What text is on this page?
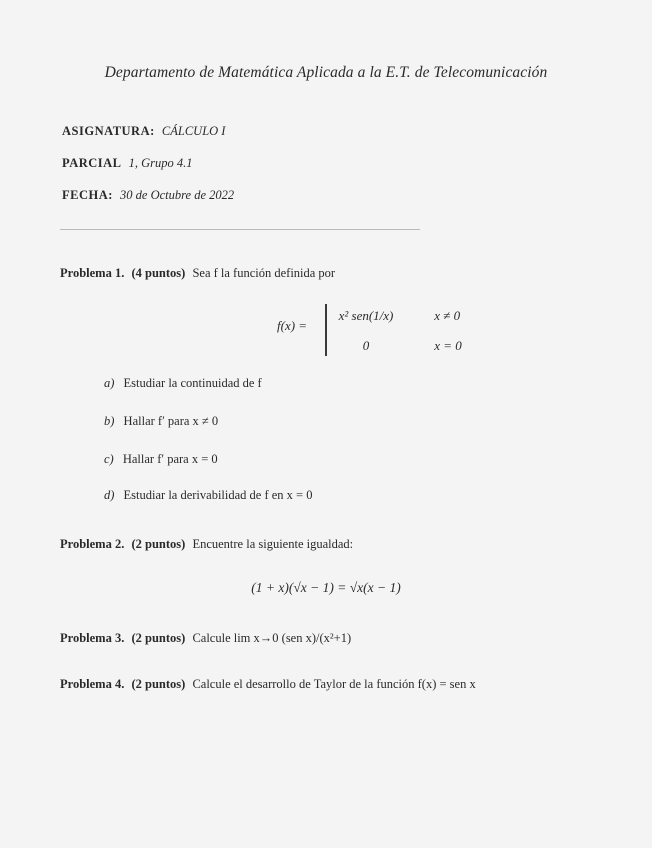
Departamento de Matemática Aplicada a la E.T. de Telecomunicación
ASIGNATURA: CÁLCULO I
PARCIAL 1, Grupo 4.1
FECHA: 30 de Octubre de 2022
Problema 1. (4 puntos) Sea f la función definida por
f(x) =
x² sen(1/x)	x ≠ 0
0	x = 0
a) Estudiar la continuidad de f
b) Hallar f′ para x ≠ 0
c) Hallar f′ para x = 0
d) Estudiar la derivabilidad de f en x = 0
Problema 2. (2 puntos) Encuentre la siguiente igualdad:
(1 + x)(√x − 1) = √x(x − 1)
Problema 3. (2 puntos) Calcule lim x→0 (sen x)/(x²+1)
Problema 4. (2 puntos) Calcule el desarrollo de Taylor de la función f(x) = sen x
